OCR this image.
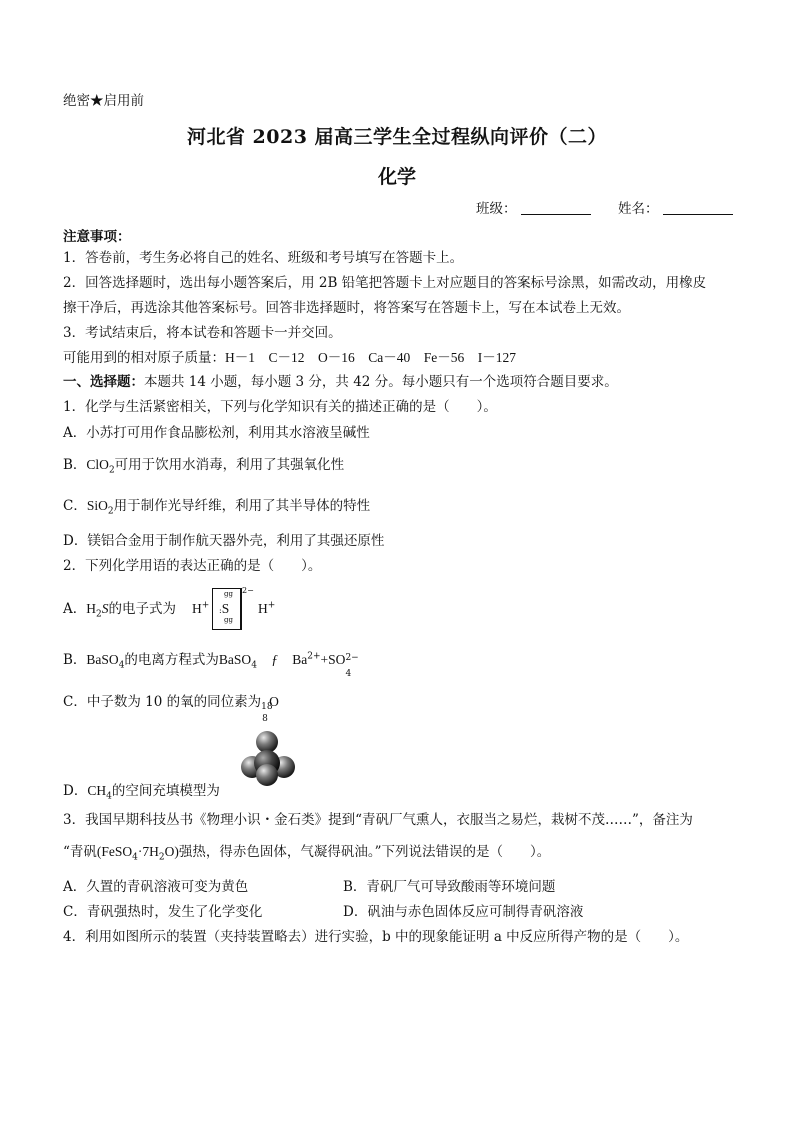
绝密★启用前
河北省 2023 届高三学生全过程纵向评价（二）
化学
班级：	姓名：
注意事项：
1．答卷前，考生务必将自己的姓名、班级和考号填写在答题卡上。
2．回答选择题时，选出每小题答案后，用 2B 铅笔把答题卡上对应题目的答案标号涂黑，如需改动，用橡皮
擦干净后，再选涂其他答案标号。回答非选择题时，将答案写在答题卡上，写在本试卷上无效。
3．考试结束后，将本试卷和答题卡一并交回。
可能用到的相对原子质量：H－1　C－12　O－16　Ca－40　Fe－56　I－127
一、选择题：本题共 14 小题，每小题 3 分，共 42 分。每小题只有一个选项符合题目要求。
1．化学与生活紧密相关，下列与化学知识有关的描述正确的是（　　）。
A．小苏打可用作食品膨松剂，利用其水溶液呈碱性
B．ClO$_2$可用于饮用水消毒，利用了其强氧化性
C．SiO$_2$用于制作光导纤维，利用了其半导体的特性
D．镁铝合金用于制作航天器外壳，利用了其强还原性
2．下列化学用语的表达正确的是（　　）。
A．$H_2S$的电子式为 H+
gg
:S
gg
2−
H+
B．BaSO$_4$的电离方程式为BaSO$_4$ ƒ $Ba^{2+}+SO$ 2−
4
C．中子数为 10 的氧的同位素为 18
8
O
D．$CH_4$的空间充填模型为
3．我国早期科技丛书《物理小识・金石类》提到“青矾厂气熏人，衣服当之易烂，栽树不茂……”，备注为
“青矾$(FeSO_4\cdot 7H_2O)$强热，得赤色固体，气凝得矾油。”下列说法错误的是（　　）。
A．久置的青矾溶液可变为黄色	B．青矾厂气可导致酸雨等环境问题
C．青矾强热时，发生了化学变化	D．矾油与赤色固体反应可制得青矾溶液
4．利用如图所示的装置（夹持装置略去）进行实验，b 中的现象能证明 a 中反应所得产物的是（　　）。
